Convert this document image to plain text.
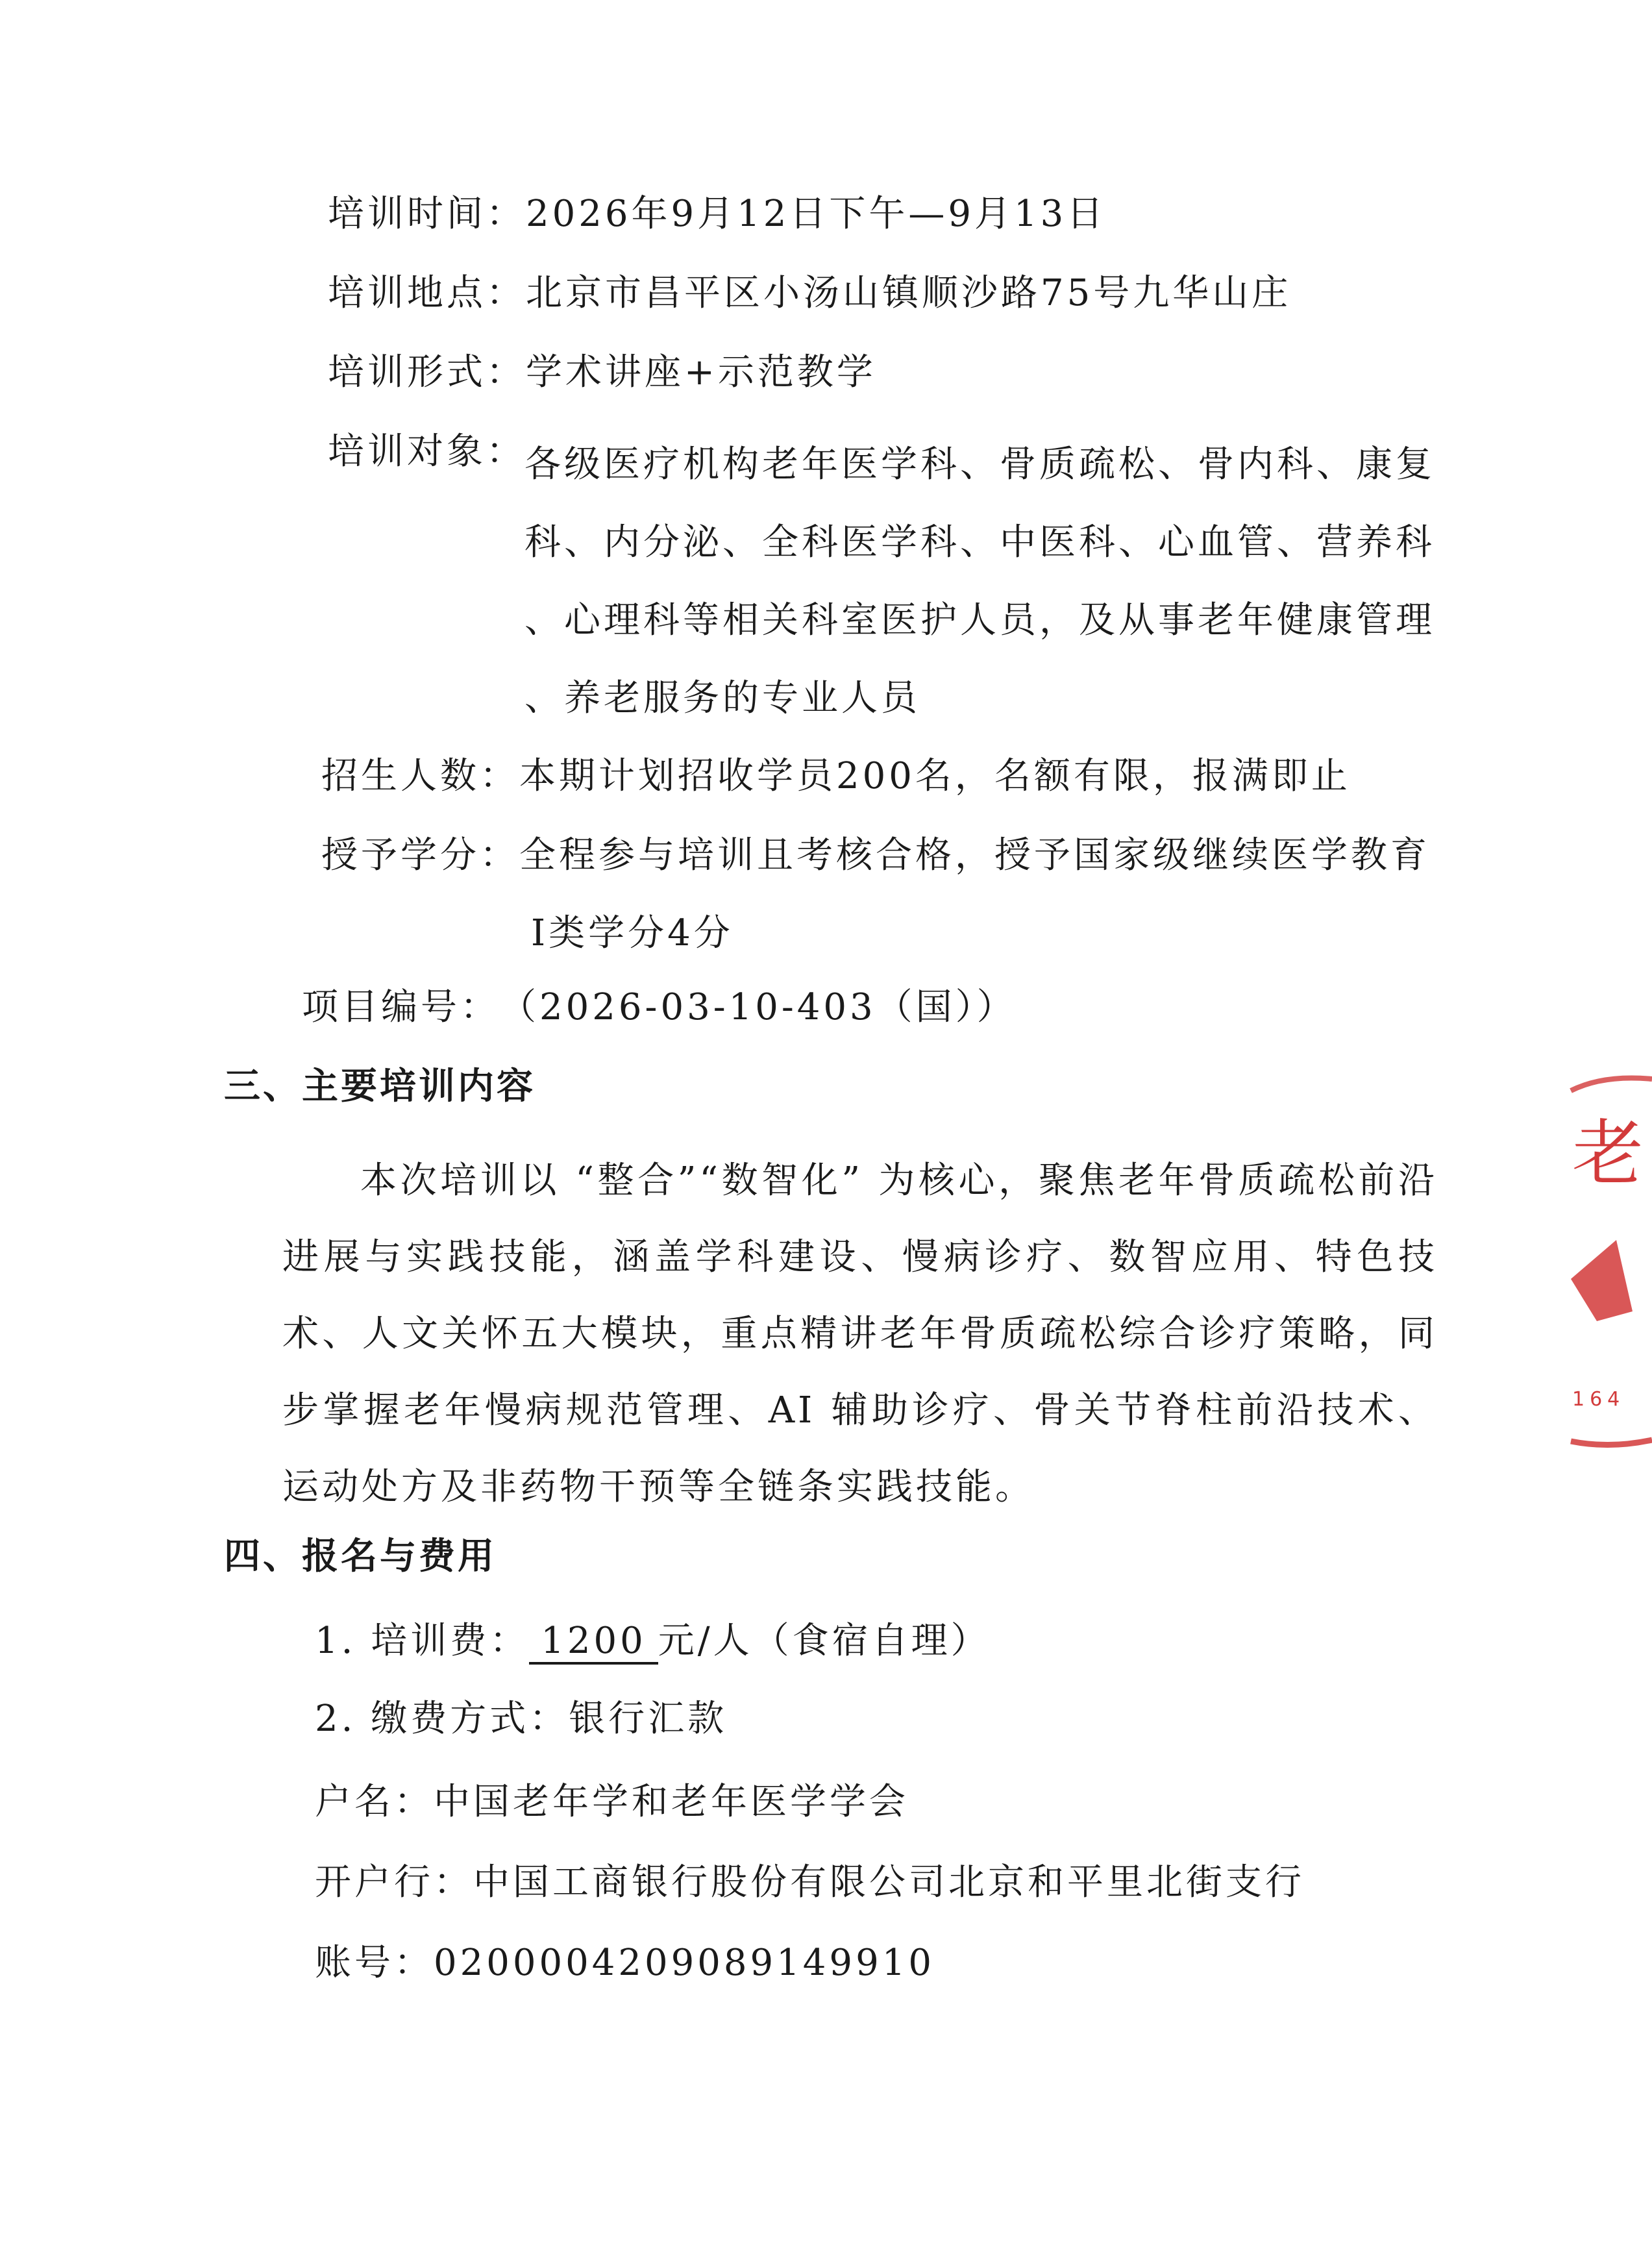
培训时间：2026年9月12日下午—9月13日
培训地点：北京市昌平区小汤山镇顺沙路75号九华山庄
培训形式：学术讲座+示范教学
培训对象：
各级医疗机构老年医学科、骨质疏松、骨内科、康复
科、内分泌、全科医学科、中医科、心血管、营养科
、心理科等相关科室医护人员，及从事老年健康管理
、养老服务的专业人员
招生人数：本期计划招收学员200名，名额有限，报满即止
授予学分： 全程参与培训且考核合格，授予国家级继续医学教育
Ⅰ类学分4分
项目编号：（2026-03-10-403（国））
三、主要培训内容
本次培训以 “整合”“数智化” 为核心，聚焦老年骨质疏松前沿进展与实践技能，涵盖学科建设、慢病诊疗、数智应用、特色技术、人文关怀五大模块，重点精讲老年骨质疏松综合诊疗策略，同步掌握老年慢病规范管理、AI 辅助诊疗、骨关节脊柱前沿技术、运动处方及非药物干预等全链条实践技能。
四、报名与费用
1. 培训费： 1200 元/人（食宿自理）
2. 缴费方式：银行汇款
户名：中国老年学和老年医学学会
开户行：中国工商银行股份有限公司北京和平里北街支行
账号：0200004209089149910
老
164
